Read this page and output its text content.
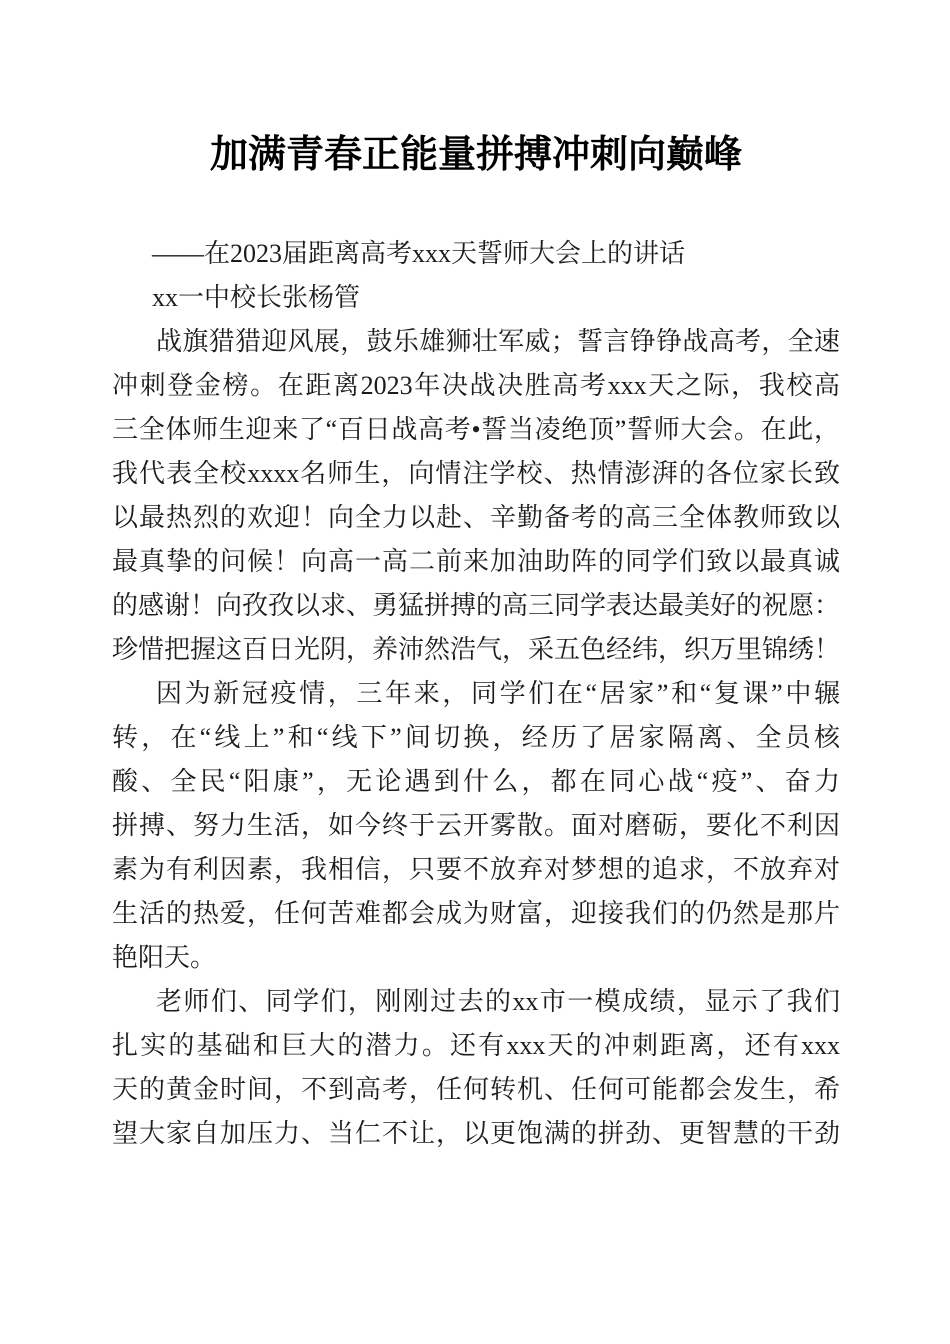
加满青春正能量拼搏冲刺向巅峰
——在2023届距离高考xxx天誓师大会上的讲话
xx一中校长张杨管
战旗猎猎迎风展，鼓乐雄狮壮军威；誓言铮铮战高考，全速
冲刺登金榜。在距离2023年决战决胜高考xxx天之际，我校高
三全体师生迎来了“百日战高考•誓当凌绝顶”誓师大会。在此，
我代表全校xxxx名师生，向情注学校、热情澎湃的各位家长致
以最热烈的欢迎！向全力以赴、辛勤备考的高三全体教师致以
最真挚的问候！向高一高二前来加油助阵的同学们致以最真诚
的感谢！向孜孜以求、勇猛拼搏的高三同学表达最美好的祝愿：
珍惜把握这百日光阴，养沛然浩气，采五色经纬，织万里锦绣！
因为新冠疫情，三年来，同学们在“居家”和“复课”中辗
转，在“线上”和“线下”间切换，经历了居家隔离、全员核
酸、全民“阳康”，无论遇到什么，都在同心战“疫”、奋力
拼搏、努力生活，如今终于云开雾散。面对磨砺，要化不利因
素为有利因素，我相信，只要不放弃对梦想的追求，不放弃对
生活的热爱，任何苦难都会成为财富，迎接我们的仍然是那片
艳阳天。
老师们、同学们，刚刚过去的xx市一模成绩，显示了我们
扎实的基础和巨大的潜力。还有xxx天的冲刺距离，还有xxx
天的黄金时间，不到高考，任何转机、任何可能都会发生，希
望大家自加压力、当仁不让，以更饱满的拼劲、更智慧的干劲
